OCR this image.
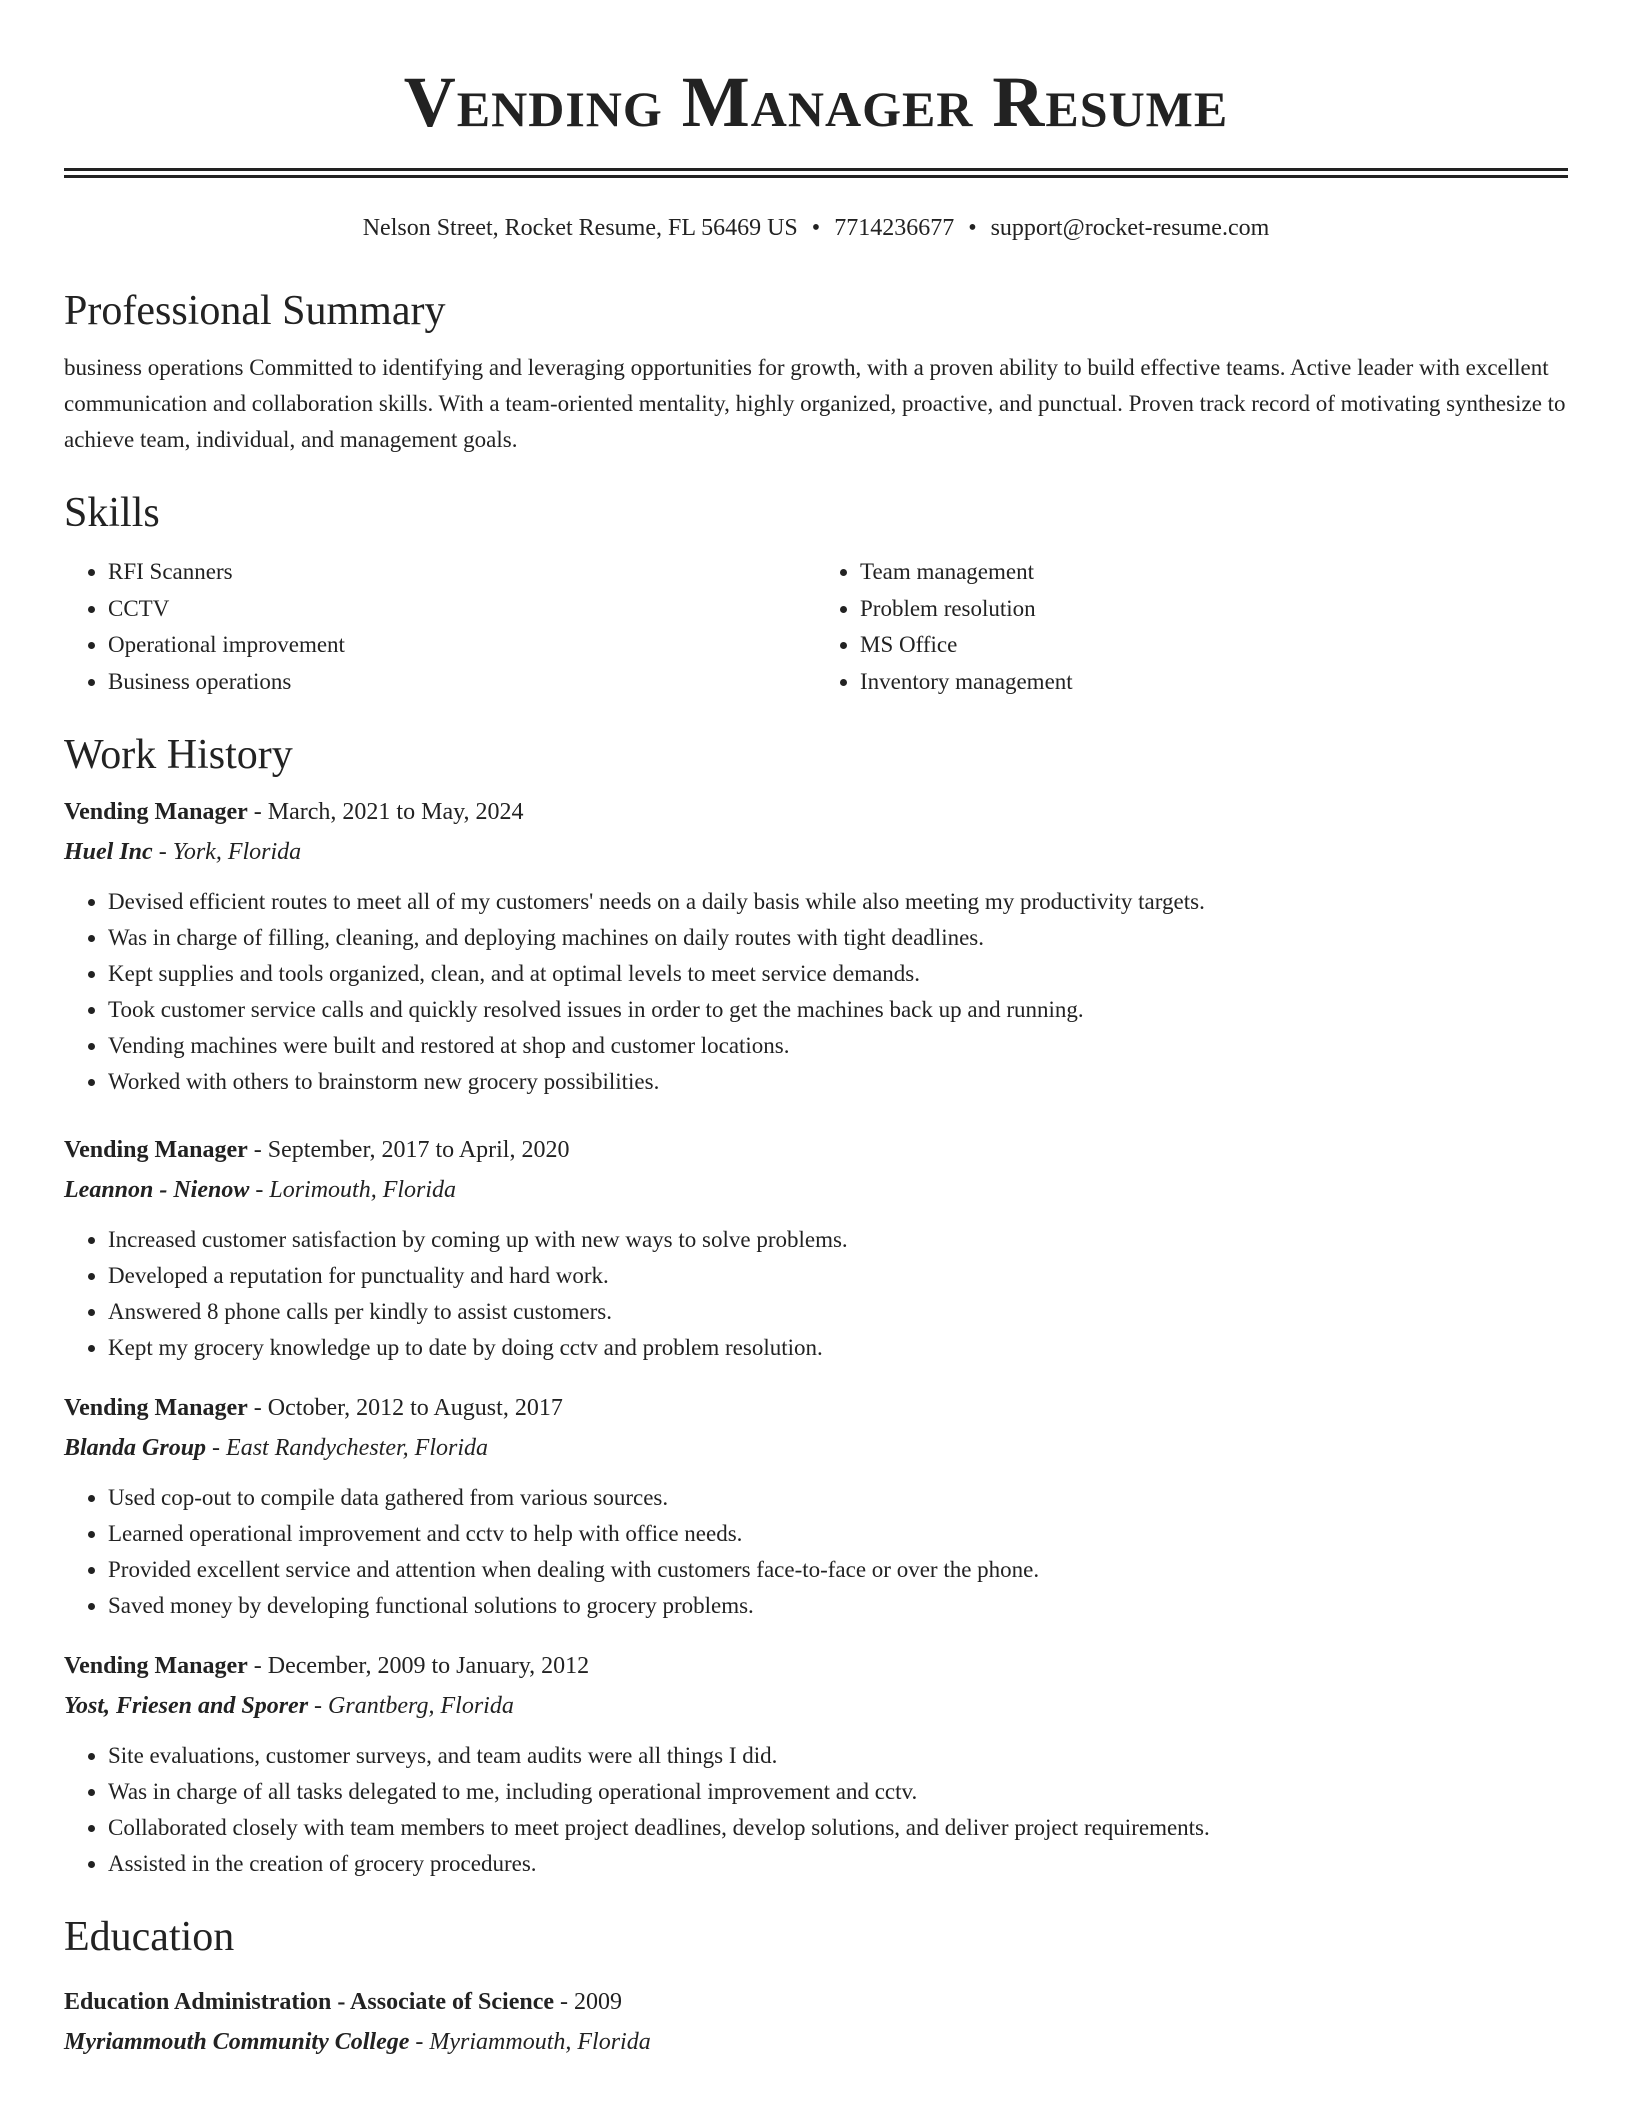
Vending Manager Resume
Nelson Street, Rocket Resume, FL 56469 US • 7714236677 • support@rocket-resume.com
Professional Summary

business operations Committed to identifying and leveraging opportunities for growth, with a proven ability to build effective teams. Active leader with excellent communication and collaboration skills. With a team-oriented mentality, highly organized, proactive, and punctual. Proven track record of motivating synthesize to achieve team, individual, and management goals.

Skills
• RFI Scanners
• CCTV
• Operational improvement
• Business operations
• Team management
• Problem resolution
• MS Office
• Inventory management
Work History
Vending Manager - March, 2021 to May, 2024
Huel Inc - York, Florida
• Devised efficient routes to meet all of my customers' needs on a daily basis while also meeting my productivity targets.
• Was in charge of filling, cleaning, and deploying machines on daily routes with tight deadlines.
• Kept supplies and tools organized, clean, and at optimal levels to meet service demands.
• Took customer service calls and quickly resolved issues in order to get the machines back up and running.
• Vending machines were built and restored at shop and customer locations.
• Worked with others to brainstorm new grocery possibilities.
Vending Manager - September, 2017 to April, 2020
Leannon - Nienow - Lorimouth, Florida
• Increased customer satisfaction by coming up with new ways to solve problems.
• Developed a reputation for punctuality and hard work.
• Answered 8 phone calls per kindly to assist customers.
• Kept my grocery knowledge up to date by doing cctv and problem resolution.
Vending Manager - October, 2012 to August, 2017
Blanda Group - East Randychester, Florida
• Used cop-out to compile data gathered from various sources.
• Learned operational improvement and cctv to help with office needs.
• Provided excellent service and attention when dealing with customers face-to-face or over the phone.
• Saved money by developing functional solutions to grocery problems.
Vending Manager - December, 2009 to January, 2012
Yost, Friesen and Sporer - Grantberg, Florida
• Site evaluations, customer surveys, and team audits were all things I did.
• Was in charge of all tasks delegated to me, including operational improvement and cctv.
• Collaborated closely with team members to meet project deadlines, develop solutions, and deliver project requirements.
• Assisted in the creation of grocery procedures.
Education
Education Administration - Associate of Science - 2009
Myriammouth Community College - Myriammouth, Florida
